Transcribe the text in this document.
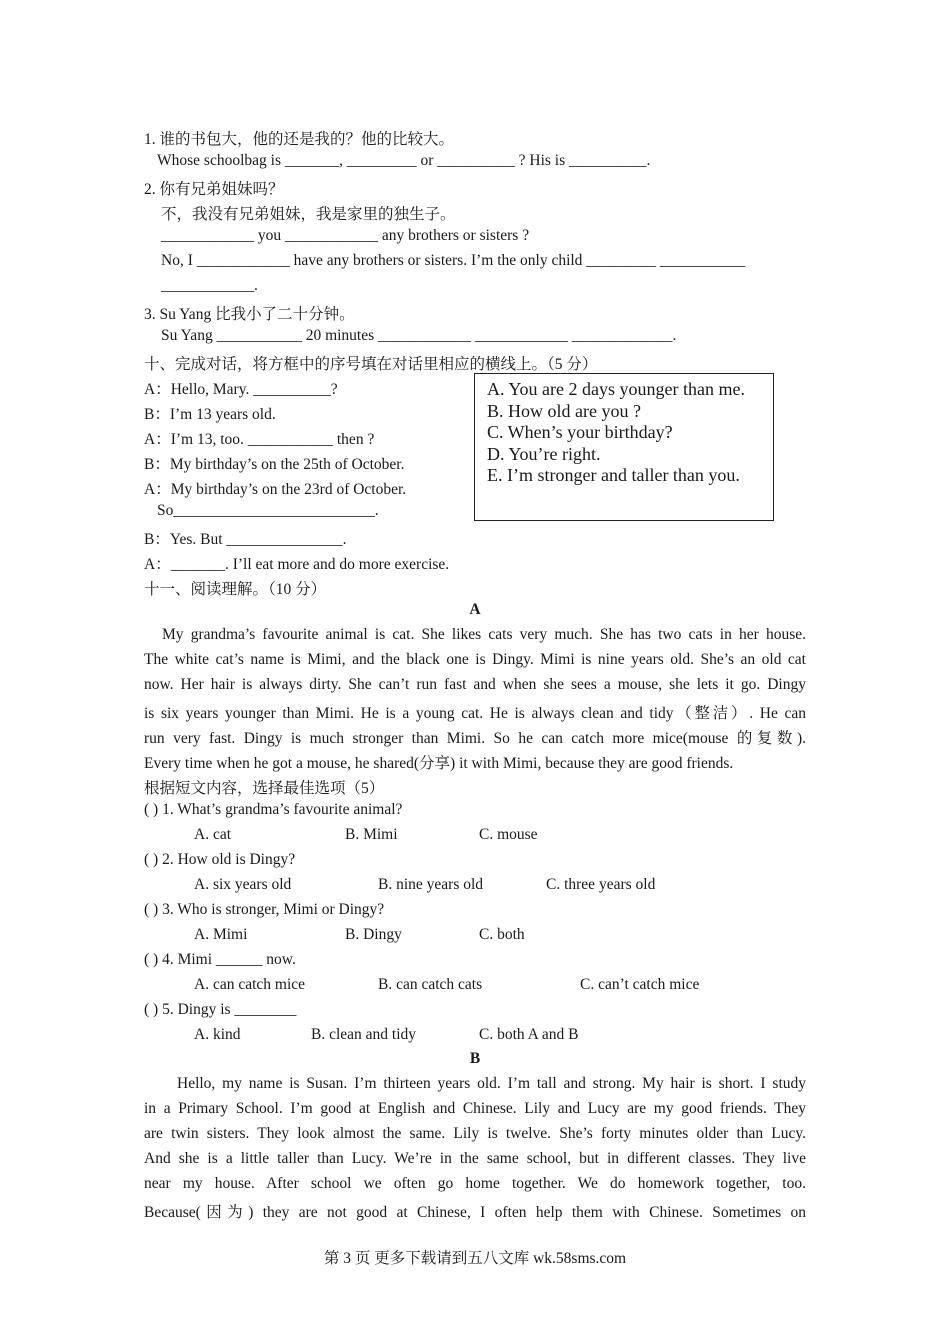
1. 谁的书包大，他的还是我的？他的比较大。
Whose schoolbag is _______, _________ or __________ ? His is __________.
2. 你有兄弟姐妹吗？
不，我没有兄弟姐妹，我是家里的独生子。
____________ you ____________ any brothers or sisters ?
No, I ____________ have any brothers or sisters. I’m the only child _________ ___________
____________.
3. Su Yang 比我小了二十分钟。
Su Yang ___________ 20 minutes ____________ ____________ _____________.
十、完成对话，将方框中的序号填在对话里相应的横线上。（5 分）
A：Hello, Mary. __________?
B：I’m 13 years old.
A：I’m 13, too. ___________ then ?
B：My birthday’s on the 25th of October.
A：My birthday’s on the 23rd of October.
So__________________________.
B：Yes. But _______________.
A：_______. I’ll eat more and do more exercise.
A. You are 2 days younger than me.
B. How old are you ?
C. When’s your birthday?
D. You’re right.
E. I’m stronger and taller than you.
十一、阅读理解。（10 分）
A
My grandma’s favourite animal is cat. She likes cats very much. She has two cats in her house.
The white cat’s name is Mimi, and the black one is Dingy. Mimi is nine years old. She’s an old cat
now. Her hair is always dirty. She can’t run fast and when she sees a mouse, she lets it go. Dingy
is six years younger than Mimi. He is a young cat. He is always clean and tidy（整洁）. He can
run very fast. Dingy is much stronger than Mimi. So he can catch more mice(mouse 的复数).
Every time when he got a mouse, he shared(分享) it with Mimi, because they are good friends.
根据短文内容，选择最佳选项（5）
( ) 1. What’s grandma’s favourite animal?
A. cat	B. Mimi	C. mouse
( ) 2. How old is Dingy?
A. six years old	B. nine years old	C. three years old
( ) 3. Who is stronger, Mimi or Dingy?
A. Mimi	B. Dingy	C. both
( ) 4. Mimi ______ now.
A. can catch mice	B. can catch cats	C. can’t catch mice
( ) 5. Dingy is ________
A. kind	B. clean and tidy	C. both A and B
B
Hello, my name is Susan. I’m thirteen years old. I’m tall and strong. My hair is short. I study
in a Primary School. I’m good at English and Chinese. Lily and Lucy are my good friends. They
are twin sisters. They look almost the same. Lily is twelve. She’s forty minutes older than Lucy.
And she is a little taller than Lucy. We’re in the same school, but in different classes. They live
near my house. After school we often go home together. We do homework together, too.
Because(因为) they are not good at Chinese, I often help them with Chinese. Sometimes on
第 3 页 更多下载请到五八文库 wk.58sms.com
